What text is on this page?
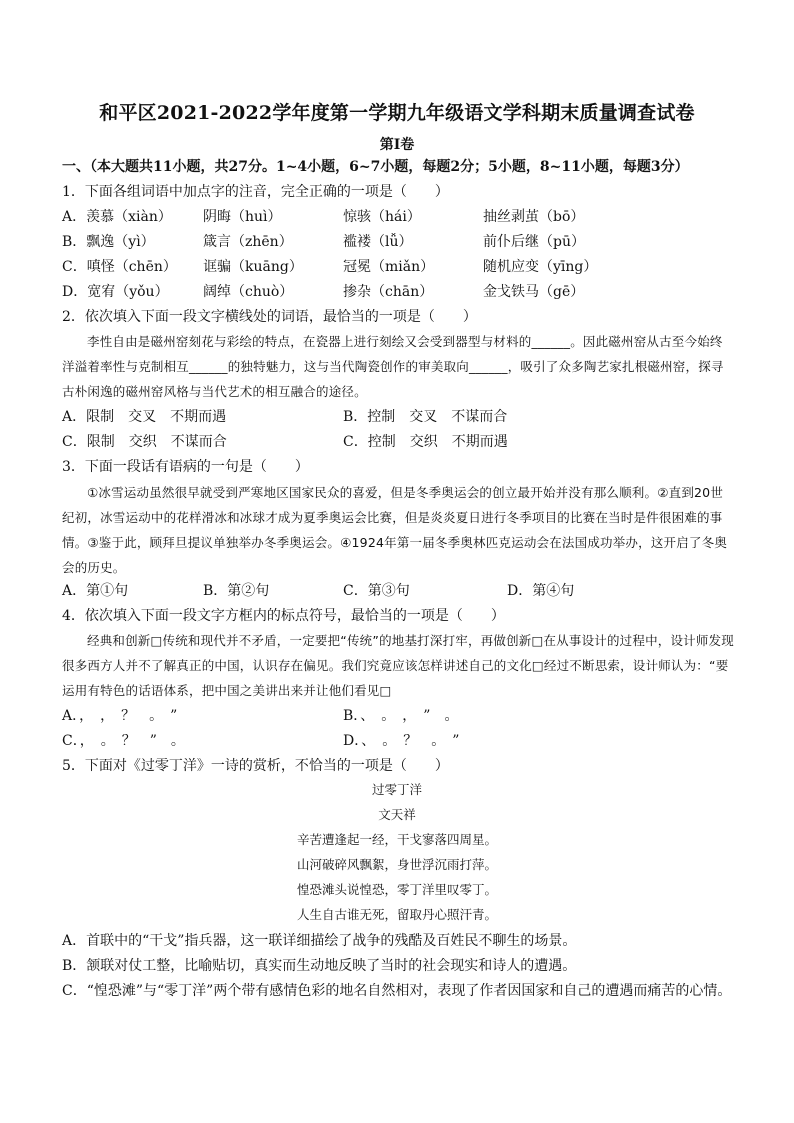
和平区2021-2022学年度第一学期九年级语文学科期末质量调查试卷
第Ⅰ卷
一、（本大题共11小题，共27分。1~4小题，6~7小题，每题2分；5小题，8~11小题，每题3分）
1．下面各组词语中加点字的注音，完全正确的一项是（　　）
A．羡慕（xiàn） 阴晦（huì）	惊骇（hái）	抽丝剥茧（bō）
B．飘逸（yì）	箴言（zhēn）	褴褛（lǚ）	前仆后继（pū）
C．嗔怪（chēn） 诓骗（kuāng）	冠冕（miǎn）	随机应变（yīng）
D．宽宥（yǒu） 阔绰（chuò）	掺杂（chān）	金戈铁马（gē）
2．依次填入下面一段文字横线处的词语，最恰当的一项是（　　）

李性自由是磁州窑刻花与彩绘的特点，在瓷器上进行刻绘又会受到器型与材料的______。因此磁州窑从古至今始终洋溢着率性与克制相互______的独特魅力，这与当代陶瓷创作的审美取向______，吸引了众多陶艺家扎根磁州窑，探寻古朴闲逸的磁州窑风格与当代艺术的相互融合的途径。

A．限制　交叉　不期而遇	B．控制　交叉　不谋而合
C．限制　交织　不谋而合	C．控制　交织　不期而遇
3．下面一段话有语病的一句是（　　）

①冰雪运动虽然很早就受到严寒地区国家民众的喜爱，但是冬季奥运会的创立最开始并没有那么顺利。②直到20世纪初，冰雪运动中的花样滑冰和冰球才成为夏季奥运会比赛，但是炎炎夏日进行冬季项目的比赛在当时是件很困难的事情。③鉴于此，顾拜旦提议单独举办冬季奥运会。④1924年第一届冬季奥林匹克运动会在法国成功举办，这开启了冬奥会的历史。

A．第①句	B．第②句	C．第③句	D．第④句
4．依次填入下面一段文字方框内的标点符号，最恰当的一项是（　　）

经典和创新□传统和现代并不矛盾，一定要把“传统”的地基打深打牢，再做创新□在从事设计的过程中，设计师发现很多西方人并不了解真正的中国，认识存在偏见。我们究竟应该怎样讲述自己的文化□经过不断思索，设计师认为：“要运用有特色的话语体系，把中国之美讲出来并让他们看见□

A．，　，　？　。　”	B．、　。　，　”　。
C．，　。　？　”　。	D．、　。　？　。　”
5．下面对《过零丁洋》一诗的赏析，不恰当的一项是（　　）
过零丁洋
文天祥
辛苦遭逢起一经，干戈寥落四周星。
山河破碎风飘絮，身世浮沉雨打萍。
惶恐滩头说惶恐，零丁洋里叹零丁。
人生自古谁无死，留取丹心照汗青。
A．首联中的“干戈”指兵器，这一联详细描绘了战争的残酷及百姓民不聊生的场景。
B．颔联对仗工整，比喻贴切，真实而生动地反映了当时的社会现实和诗人的遭遇。
C．“惶恐滩”与“零丁洋”两个带有感情色彩的地名自然相对，表现了作者因国家和自己的遭遇而痛苦的心情。
